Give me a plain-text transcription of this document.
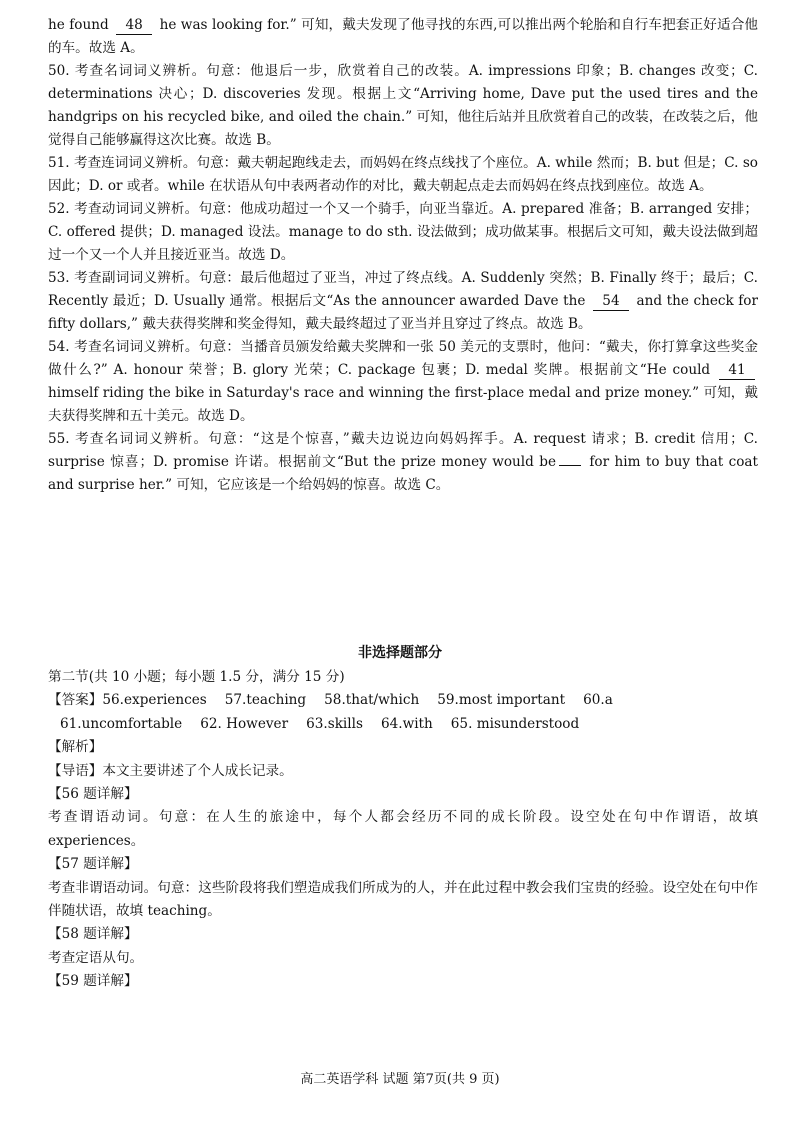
he found 48 he was looking for.” 可知，戴夫发现了他寻找的东西,可以推出两个轮胎和自行车把套正好适合他的车。故选 A。

50. 考查名词词义辨析。句意：他退后一步，欣赏着自己的改装。A. impressions 印象；B. changes 改变；C. determinations 决心；D. discoveries 发现。根据上文“Arriving home, Dave put the used tires and the handgrips on his recycled bike, and oiled the chain.” 可知，他往后站并且欣赏着自己的改装，在改装之后，他觉得自己能够赢得这次比赛。故选 B。

51. 考查连词词义辨析。句意：戴夫朝起跑线走去，而妈妈在终点线找了个座位。A. while 然而；B. but 但是；C. so 因此；D. or 或者。while 在状语从句中表两者动作的对比，戴夫朝起点走去而妈妈在终点找到座位。故选 A。

52. 考查动词词义辨析。句意：他成功超过一个又一个骑手，向亚当靠近。A. prepared 准备；B. arranged 安排；C. offered 提供；D. managed 设法。manage to do sth. 设法做到；成功做某事。根据后文可知，戴夫设法做到超过一个又一个人并且接近亚当。故选 D。

53. 考查副词词义辨析。句意：最后他超过了亚当，冲过了终点线。A. Suddenly 突然；B. Finally 终于；最后；C. Recently 最近；D. Usually 通常。根据后文“As the announcer awarded Dave the 54 and the check for fifty dollars,” 戴夫获得奖牌和奖金得知，戴夫最终超过了亚当并且穿过了终点。故选 B。

54. 考查名词词义辨析。句意：当播音员颁发给戴夫奖牌和一张 50 美元的支票时，他问：“戴夫，你打算拿这些奖金做什么?” A. honour 荣誉；B. glory 光荣；C. package 包裹；D. medal 奖牌。根据前文“He could 41 himself riding the bike in Saturday's race and winning the first-place medal and prize money.” 可知，戴夫获得奖牌和五十美元。故选 D。

55. 考查名词词义辨析。句意：“这是个惊喜，”戴夫边说边向妈妈挥手。A. request 请求；B. credit 信用；C. surprise 惊喜；D. promise 许诺。根据前文“But the prize money would be for him to buy that coat and surprise her.” 可知，它应该是一个给妈妈的惊喜。故选 C。

非选择题部分

第二节(共 10 小题；每小题 1.5 分，满分 15 分)

【答案】56.experiences 57.teaching 58.that/which 59.most important 60.a

61.uncomfortable 62. However 63.skills 64.with 65. misunderstood

【解析】

【导语】本文主要讲述了个人成长记录。

【56 题详解】

考查谓语动词。句意：在人生的旅途中，每个人都会经历不同的成长阶段。设空处在句中作谓语，故填 experiences。

【57 题详解】

考查非谓语动词。句意：这些阶段将我们塑造成我们所成为的人，并在此过程中教会我们宝贵的经验。设空处在句中作伴随状语，故填 teaching。

【58 题详解】

考查定语从句。

【59 题详解】

高二英语学科 试题 第7页(共 9 页)
